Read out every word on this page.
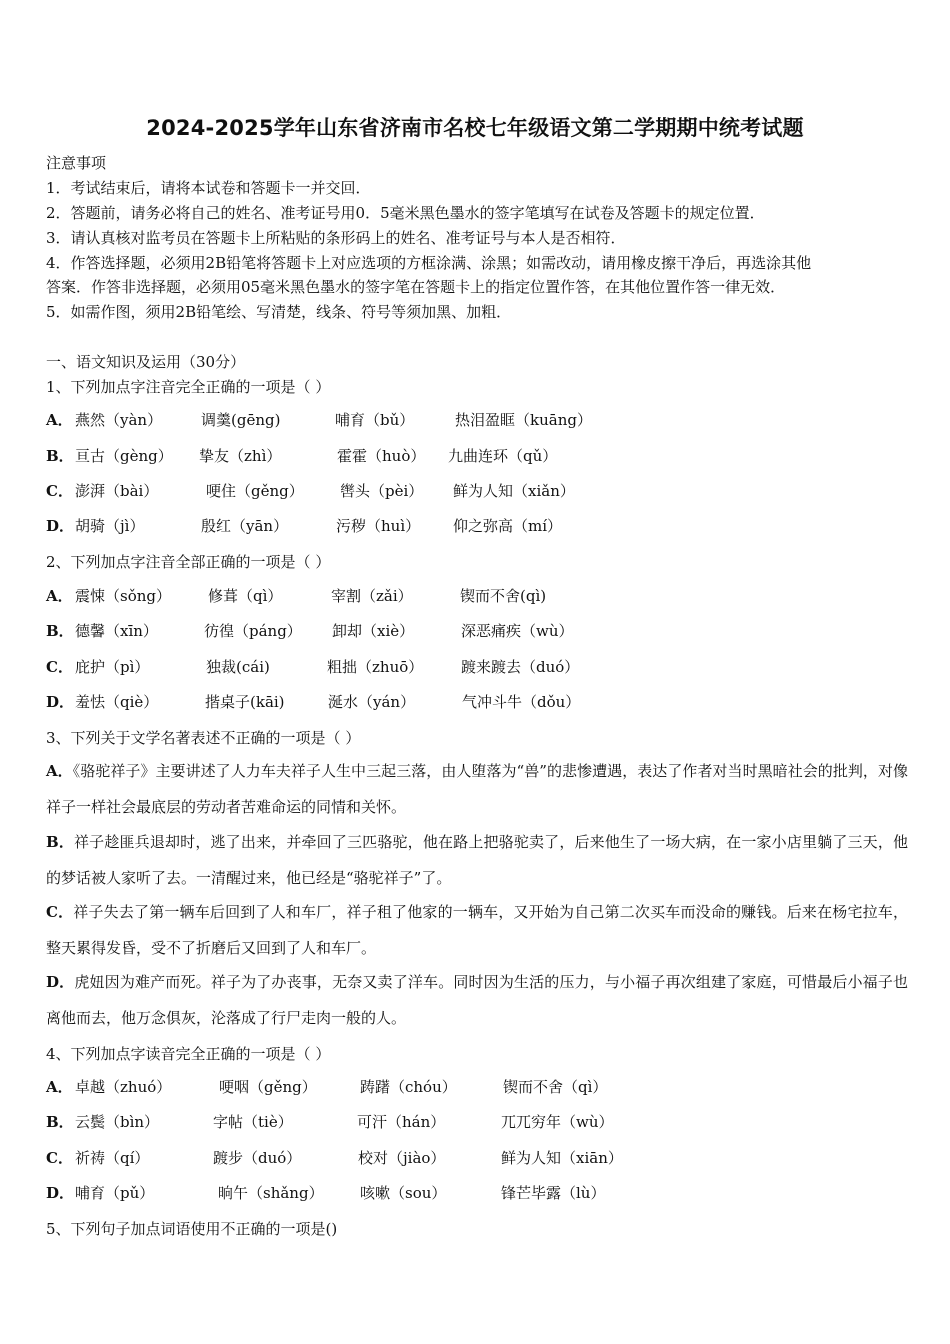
2024-2025学年山东省济南市名校七年级语文第二学期期中统考试题
注意事项
1．考试结束后，请将本试卷和答题卡一并交回．
2．答题前，请务必将自己的姓名、准考证号用0．5毫米黑色墨水的签字笔填写在试卷及答题卡的规定位置．
3．请认真核对监考员在答题卡上所粘贴的条形码上的姓名、准考证号与本人是否相符．
4．作答选择题，必须用2B铅笔将答题卡上对应选项的方框涂满、涂黑；如需改动，请用橡皮擦干净后，再选涂其他
答案．作答非选择题，必须用05毫米黑色墨水的签字笔在答题卡上的指定位置作答，在其他位置作答一律无效．
5．如需作图，须用2B铅笔绘、写清楚，线条、符号等须加黑、加粗．
一、语文知识及运用（30分）
1、下列加点字注音完全正确的一项是（ ）
A． 燕然（yàn）	调羹(gēng)	哺育（bǔ）	热泪盈眶（kuāng）
B． 亘古（gèng） 挚友（zhì）	霍霍（huò） 九曲连环（qǔ）
C． 澎湃（bài）	哽住（gěng） 辔头（pèi） 鲜为人知（xiǎn）
D． 胡骑（jì）	殷红（yān）	污秽（huì） 仰之弥高（mí）
2、下列加点字注音全部正确的一项是（ ）
A． 震悚（sǒng） 修葺（qì）	宰割（zǎi）	锲而不舍(qì)
B． 德馨（xīn）	彷徨（páng） 卸却（xiè）	深恶痛疾（wù）
C． 庇护（pì）	独裁(cái)	粗拙（zhuō）	踱来踱去（duó）
D． 羞怯（qiè）	揩桌子(kāi)	涎水（yán）	气冲斗牛（dǒu）
3、下列关于文学名著表述不正确的一项是（ ）
A．《骆驼祥子》主要讲述了人力车夫祥子人生中三起三落，由人堕落为“兽”的悲惨遭遇，表达了作者对当时黑暗社会的批判，对像祥子一样社会最底层的劳动者苦难命运的同情和关怀。
B．祥子趁匪兵退却时，逃了出来，并牵回了三匹骆驼，他在路上把骆驼卖了，后来他生了一场大病，在一家小店里躺了三天，他的梦话被人家听了去。一清醒过来，他已经是“骆驼祥子”了。
C．祥子失去了第一辆车后回到了人和车厂，祥子租了他家的一辆车，又开始为自己第二次买车而没命的赚钱。后来在杨宅拉车，整天累得发昏，受不了折磨后又回到了人和车厂。
D．虎妞因为难产而死。祥子为了办丧事，无奈又卖了洋车。同时因为生活的压力，与小福子再次组建了家庭，可惜最后小福子也离他而去，他万念俱灰，沦落成了行尸走肉一般的人。
4、下列加点字读音完全正确的一项是（ ）
A． 卓越（zhuó）	哽咽（gěng）	踌躇（chóu）	锲而不舍（qì）
B． 云鬓（bìn）	字帖（tiè）	可汗（hán）	兀兀穷年（wù）
C． 祈祷（qí）	踱步（duó）	校对（jiào）	鲜为人知（xiān）
D． 哺育（pǔ）	晌午（shǎng） 咳嗽（sou）	锋芒毕露（lù）
5、下列句子加点词语使用不正确的一项是()
